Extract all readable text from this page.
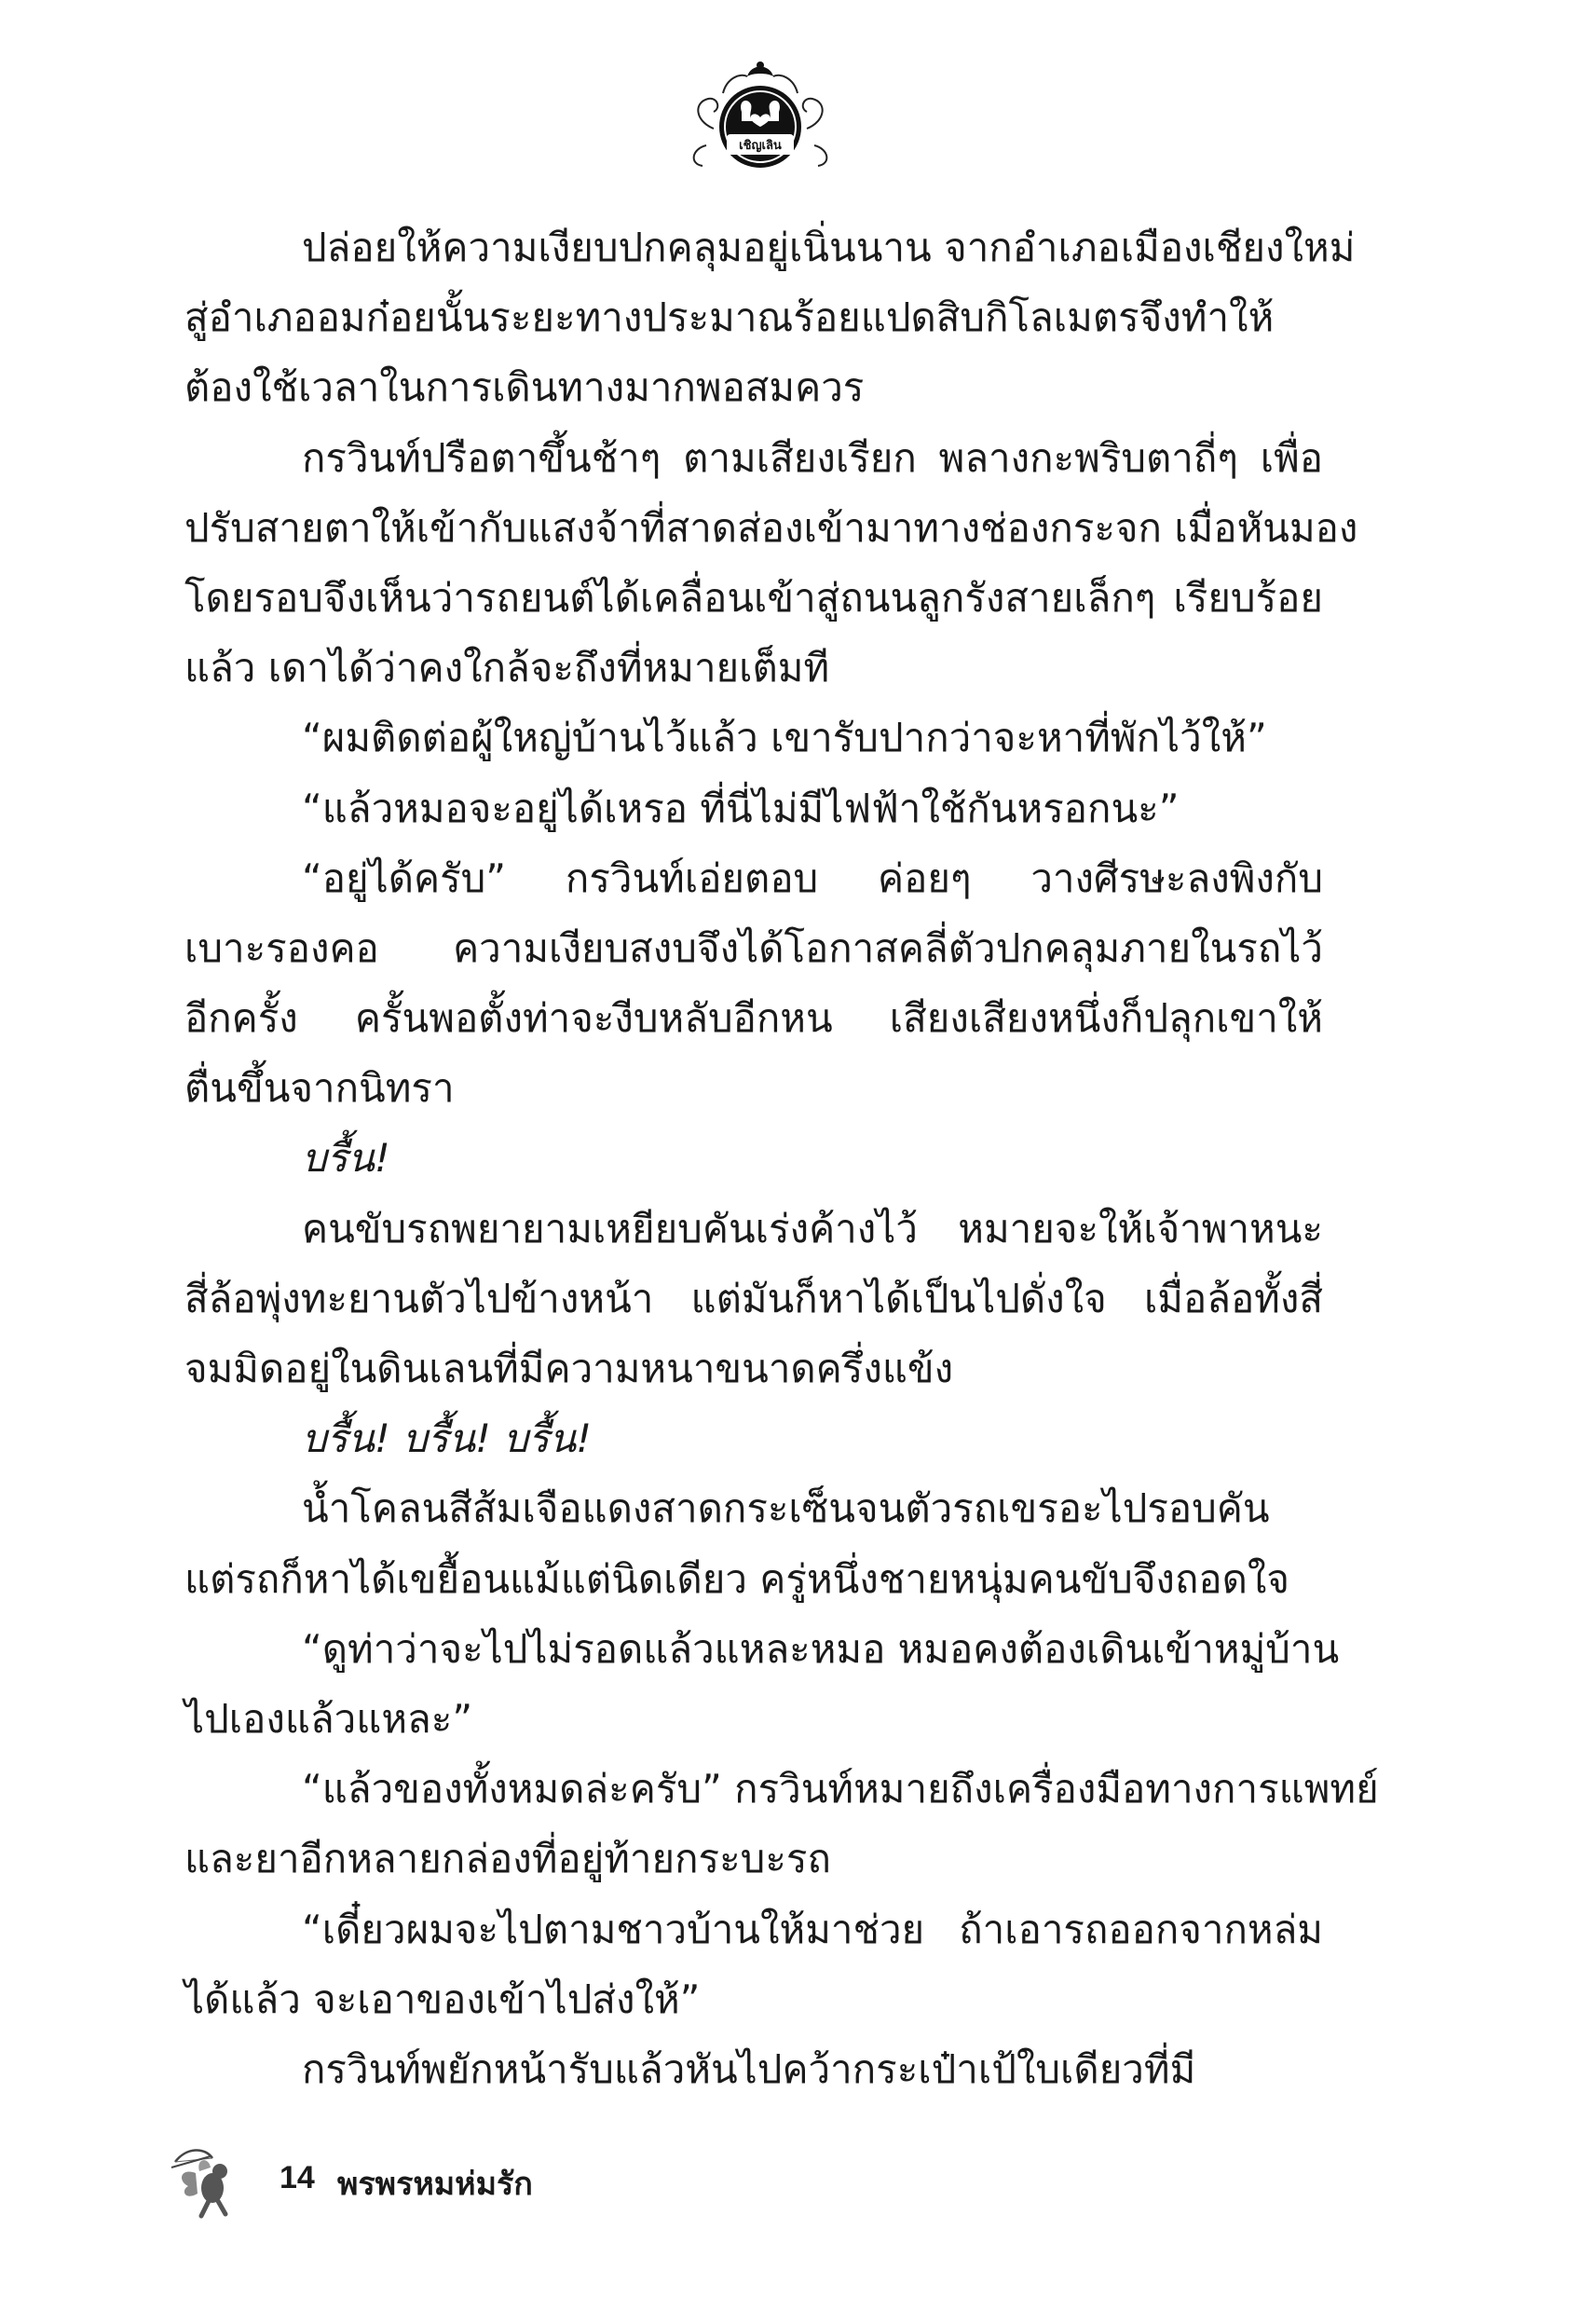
เชิญเลิน
ปล่อยให้ความเงียบปกคลุมอยู่เนิ่นนาน จากอำเภอเมืองเชียงใหม่
สู่อำเภออมก๋อยนั้นระยะทางประมาณร้อยแปดสิบกิโลเมตรจึงทำให้
ต้องใช้เวลาในการเดินทางมากพอสมควร
กรวินท์ปรือตาขึ้นช้าๆ ตามเสียงเรียก พลางกะพริบตาถี่ๆ เพื่อ
ปรับสายตาให้เข้ากับแสงจ้าที่สาดส่องเข้ามาทางช่องกระจก เมื่อหันมอง
โดยรอบจึงเห็นว่ารถยนต์ได้เคลื่อนเข้าสู่ถนนลูกรังสายเล็กๆ เรียบร้อย
แล้ว เดาได้ว่าคงใกล้จะถึงที่หมายเต็มที
“ผมติดต่อผู้ใหญ่บ้านไว้แล้ว เขารับปากว่าจะหาที่พักไว้ให้”
“แล้วหมอจะอยู่ได้เหรอ ที่นี่ไม่มีไฟฟ้าใช้กันหรอกนะ”
“อยู่ได้ครับ” กรวินท์เอ่ยตอบ ค่อยๆ วางศีรษะลงพิงกับ
เบาะรองคอ ความเงียบสงบจึงได้โอกาสคลี่ตัวปกคลุมภายในรถไว้
อีกครั้ง ครั้นพอตั้งท่าจะงีบหลับอีกหน เสียงเสียงหนึ่งก็ปลุกเขาให้
ตื่นขึ้นจากนิทรา
บรื้น!
คนขับรถพยายามเหยียบคันเร่งค้างไว้ หมายจะให้เจ้าพาหนะ
สี่ล้อพุ่งทะยานตัวไปข้างหน้า แต่มันก็หาได้เป็นไปดั่งใจ เมื่อล้อทั้งสี่
จมมิดอยู่ในดินเลนที่มีความหนาขนาดครึ่งแข้ง
บรื้น! บรื้น! บรื้น!
น้ำโคลนสีส้มเจือแดงสาดกระเซ็นจนตัวรถเขรอะไปรอบคัน
แต่รถก็หาได้เขยื้อนแม้แต่นิดเดียว ครู่หนึ่งชายหนุ่มคนขับจึงถอดใจ
“ดูท่าว่าจะไปไม่รอดแล้วแหละหมอ หมอคงต้องเดินเข้าหมู่บ้าน
ไปเองแล้วแหละ”
“แล้วของทั้งหมดล่ะครับ” กรวินท์หมายถึงเครื่องมือทางการแพทย์
และยาอีกหลายกล่องที่อยู่ท้ายกระบะรถ
“เดี๋ยวผมจะไปตามชาวบ้านให้มาช่วย ถ้าเอารถออกจากหล่ม
ได้แล้ว จะเอาของเข้าไปส่งให้”
กรวินท์พยักหน้ารับแล้วหันไปคว้ากระเป๋าเป้ใบเดียวที่มี
14 พรพรหมห่มรัก
